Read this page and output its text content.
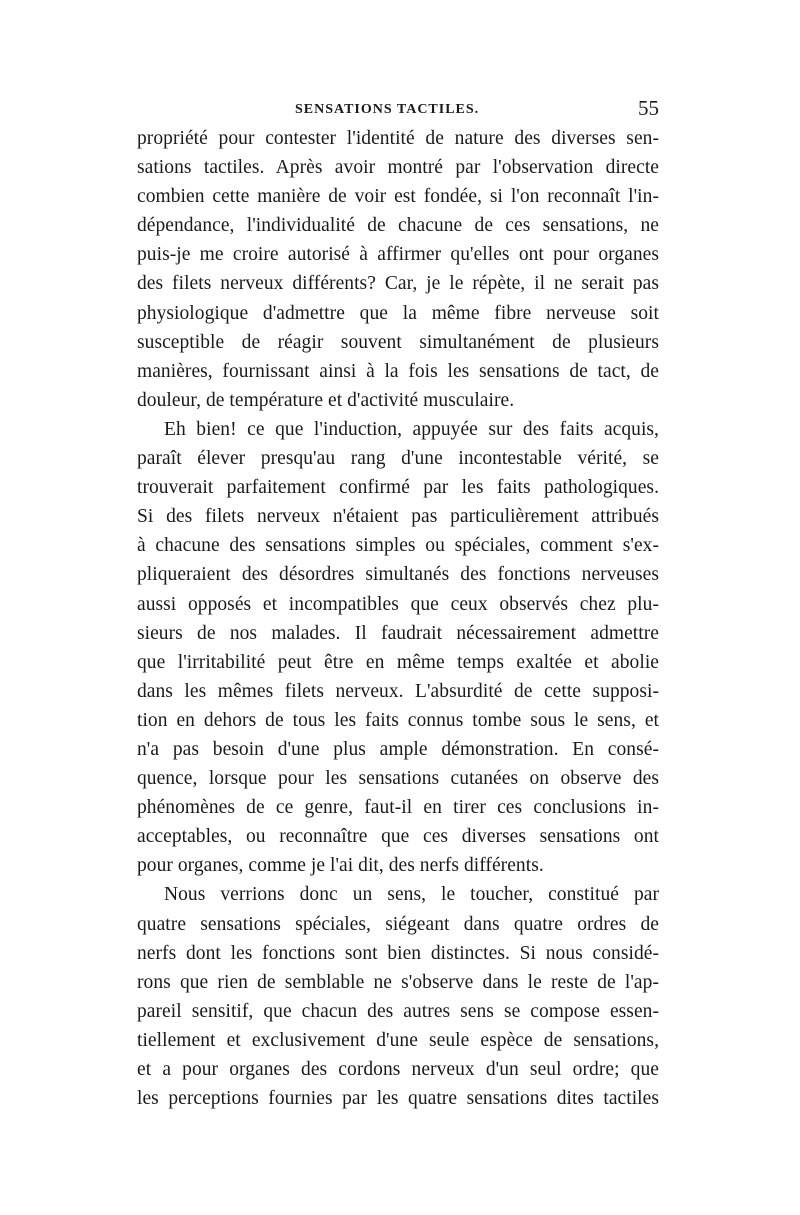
SENSATIONS TACTILES.	55
propriété pour contester l'identité de nature des diverses sen-
sations tactiles. Après avoir montré par l'observation directe
combien cette manière de voir est fondée, si l'on reconnaît l'in-
dépendance, l'individualité de chacune de ces sensations, ne
puis-je me croire autorisé à affirmer qu'elles ont pour organes
des filets nerveux différents? Car, je le répète, il ne serait pas
physiologique d'admettre que la même fibre nerveuse soit
susceptible de réagir souvent simultanément de plusieurs
manières, fournissant ainsi à la fois les sensations de tact, de
douleur, de température et d'activité musculaire.
Eh bien! ce que l'induction, appuyée sur des faits acquis,
paraît élever presqu'au rang d'une incontestable vérité, se
trouverait parfaitement confirmé par les faits pathologiques.
Si des filets nerveux n'étaient pas particulièrement attribués
à chacune des sensations simples ou spéciales, comment s'ex-
pliqueraient des désordres simultanés des fonctions nerveuses
aussi opposés et incompatibles que ceux observés chez plu-
sieurs de nos malades. Il faudrait nécessairement admettre
que l'irritabilité peut être en même temps exaltée et abolie
dans les mêmes filets nerveux. L'absurdité de cette supposi-
tion en dehors de tous les faits connus tombe sous le sens, et
n'a pas besoin d'une plus ample démonstration. En consé-
quence, lorsque pour les sensations cutanées on observe des
phénomènes de ce genre, faut-il en tirer ces conclusions in-
acceptables, ou reconnaître que ces diverses sensations ont
pour organes, comme je l'ai dit, des nerfs différents.
Nous verrions donc un sens, le toucher, constitué par
quatre sensations spéciales, siégeant dans quatre ordres de
nerfs dont les fonctions sont bien distinctes. Si nous considé-
rons que rien de semblable ne s'observe dans le reste de l'ap-
pareil sensitif, que chacun des autres sens se compose essen-
tiellement et exclusivement d'une seule espèce de sensations,
et a pour organes des cordons nerveux d'un seul ordre; que
les perceptions fournies par les quatre sensations dites tactiles
